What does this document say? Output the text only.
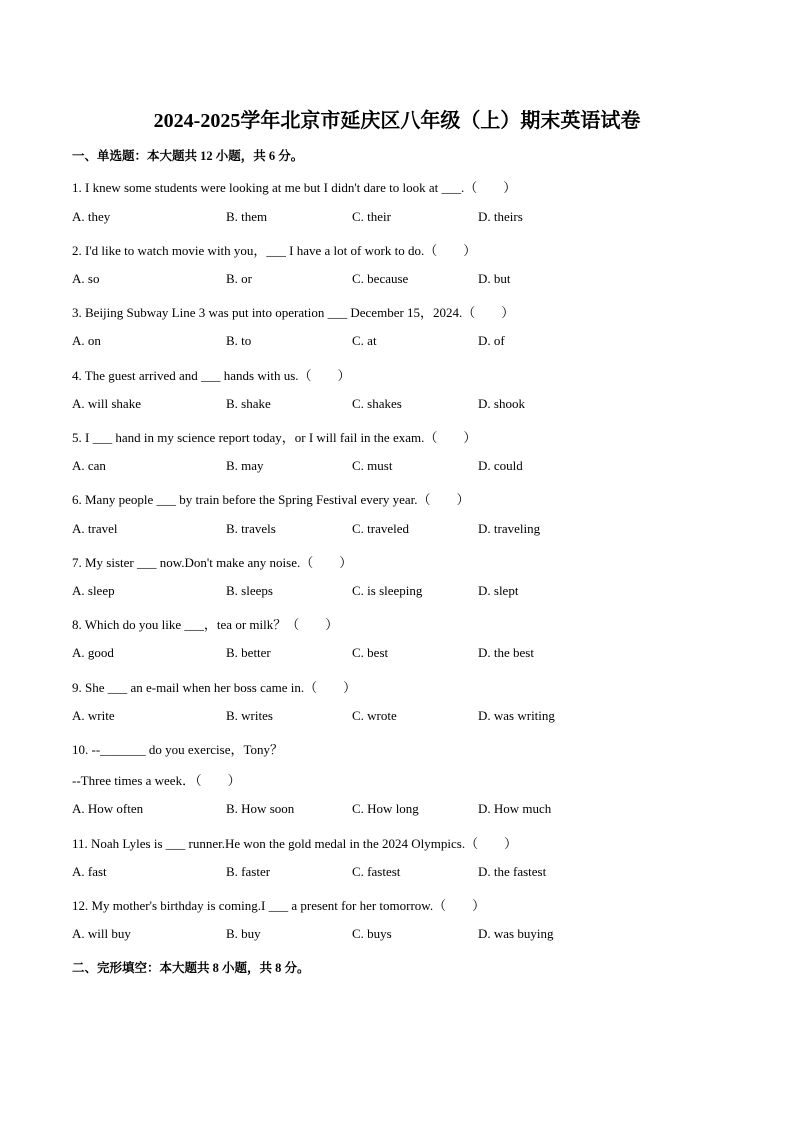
2024-2025学年北京市延庆区八年级（上）期末英语试卷
一、单选题：本大题共 12 小题，共 6 分。
1. I knew some students were looking at me but I didn't dare to look at ___.（　　）
A. they	B. them	C. their	D. theirs
2. I'd like to watch movie with you，___ I have a lot of work to do.（　　）
A. so	B. or	C. because	D. but
3. Beijing Subway Line 3 was put into operation ___ December 15，2024.（　　）
A. on	B. to	C. at	D. of
4. The guest arrived and ___ hands with us.（　　）
A. will shake	B. shake	C. shakes	D. shook
5. I ___ hand in my science report today，or I will fail in the exam.（　　）
A. can	B. may	C. must	D. could
6. Many people ___ by train before the Spring Festival every year.（　　）
A. travel	B. travels	C. traveled	D. traveling
7. My sister ___ now.Don't make any noise.（　　）
A. sleep	B. sleeps	C. is sleeping	D. slept
8. Which do you like ___，tea or milk？（　　）
A. good	B. better	C. best	D. the best
9. She ___ an e-mail when her boss came in.（　　）
A. write	B. writes	C. wrote	D. was writing
10. --_______ do you exercise，Tony？
--Three times a week．（　　）
A. How often	B. How soon	C. How long	D. How much
11. Noah Lyles is ___ runner.He won the gold medal in the 2024 Olympics.（　　）
A. fast	B. faster	C. fastest	D. the fastest
12. My mother's birthday is coming.I ___ a present for her tomorrow.（　　）
A. will buy	B. buy	C. buys	D. was buying
二、完形填空：本大题共 8 小题，共 8 分。
